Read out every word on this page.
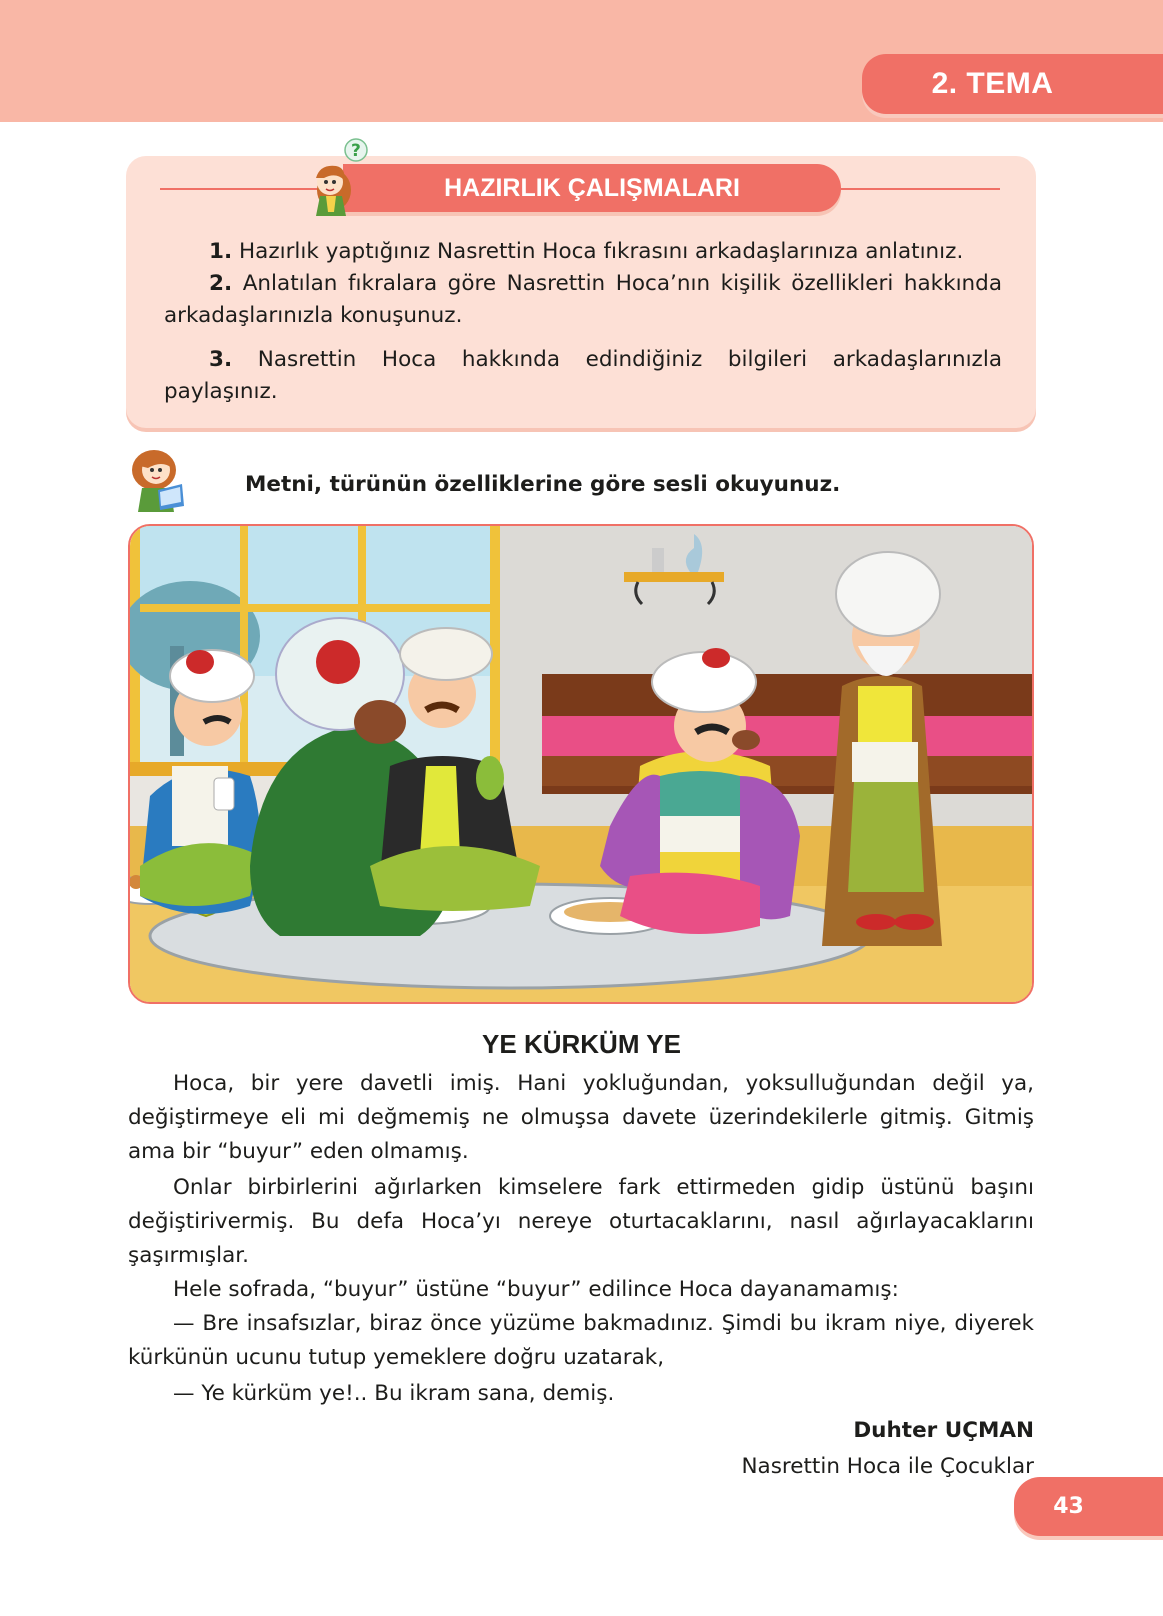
2. TEMA
HAZIRLIK ÇALIŞMALARI
?

1. Hazırlık yaptığınız Nasrettin Hoca fıkrasını arkadaşlarınıza anlatınız.

2. Anlatılan fıkralara göre Nasrettin Hoca’nın kişilik özellikleri hakkında arkadaşlarınızla konuşunuz.

3. Nasrettin Hoca hakkında edindiğiniz bilgileri arkadaşlarınızla paylaşınız.

Metni, türünün özelliklerine göre sesli okuyunuz.
YE KÜRKÜM YE

Hoca, bir yere davetli imiş. Hani yokluğundan, yoksulluğundan değil ya, değiştirmeye eli mi değmemiş ne olmuşsa davete üzerindekilerle gitmiş. Gitmiş ama bir “buyur” eden olmamış.

Onlar birbirlerini ağırlarken kimselere fark ettirmeden gidip üstünü başını değiştirivermiş. Bu defa Hoca’yı nereye oturtacaklarını, nasıl ağırlayacaklarını şaşırmışlar.

Hele sofrada, “buyur” üstüne “buyur” edilince Hoca dayanamamış:

— Bre insafsızlar, biraz önce yüzüme bakmadınız. Şimdi bu ikram niye, diyerek kürkünün ucunu tutup yemeklere doğru uzatarak,

— Ye kürküm ye!.. Bu ikram sana, demiş.

Duhter UÇMAN
Nasrettin Hoca ile Çocuklar
43
